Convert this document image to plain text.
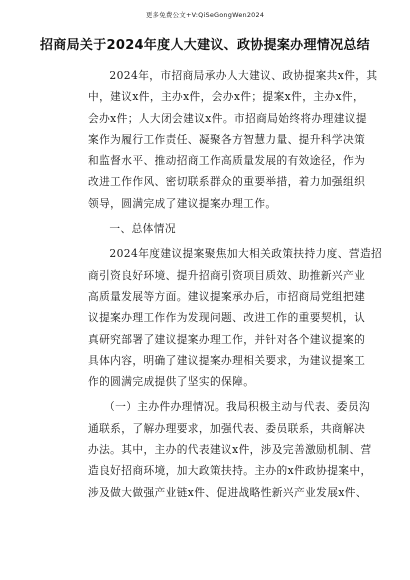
更多免费公文+V:QiSeGongWen2024
招商局关于2024年度人大建议、政协提案办理情况总结
2024年，市招商局承办人大建议、政协提案共x件，其
中，建议x件，主办x件，会办x件；提案x件，主办x件，
会办x件；人大闭会建议x件。市招商局始终将办理建议提
案作为履行工作责任、凝聚各方智慧力量、提升科学决策
和监督水平、推动招商工作高质量发展的有效途径，作为
改进工作作风、密切联系群众的重要举措，着力加强组织
领导，圆满完成了建议提案办理工作。
一、总体情况
2024年度建议提案聚焦加大相关政策扶持力度、营造招
商引资良好环境、提升招商引资项目质效、助推新兴产业
高质量发展等方面。建议提案承办后，市招商局党组把建
议提案办理工作作为发现问题、改进工作的重要契机，认
真研究部署了建议提案办理工作，并针对各个建议提案的
具体内容，明确了建议提案办理相关要求，为建议提案工
作的圆满完成提供了坚实的保障。
（一）主办件办理情况。我局积极主动与代表、委员沟
通联系，了解办理要求，加强代表、委员联系，共商解决
办法。其中，主办的代表建议x件，涉及完善激励机制、营
造良好招商环境，加大政策扶持。主办的x件政协提案中，
涉及做大做强产业链x件、促进战略性新兴产业发展x件、
